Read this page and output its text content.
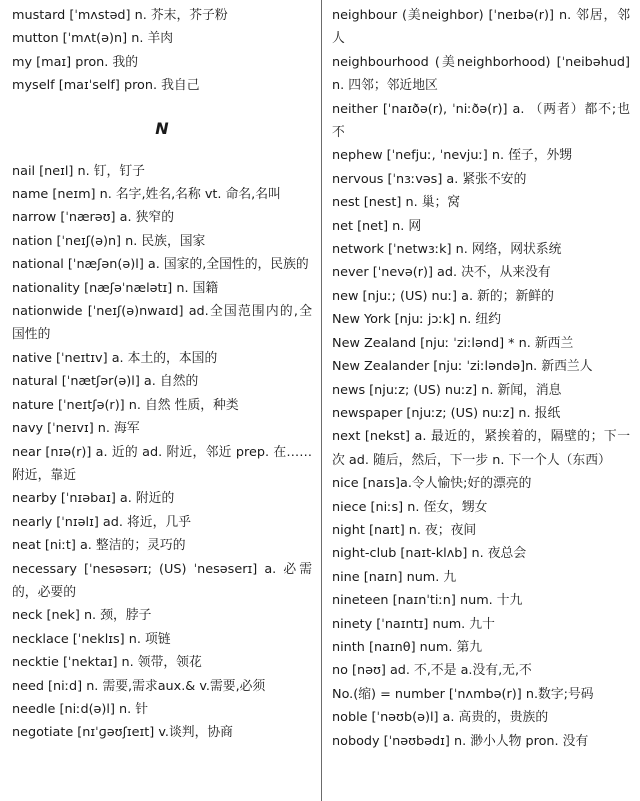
mustard [ˈmʌstəd] n. 芥末，芥子粉
mutton [ˈmʌt(ə)n] n. 羊肉
my [maɪ] pron. 我的
myself [maɪˈself] pron. 我自己
N
nail [neɪl] n. 钉，钉子
name [neɪm] n. 名字,姓名,名称 vt. 命名,名叫
narrow [ˈnærəʊ] a. 狭窄的
nation [ˈneɪʃ(ə)n] n. 民族，国家
national [ˈnæʃən(ə)l] a. 国家的,全国性的，民族的
nationality [næʃəˈnælətɪ] n. 国籍
nationwide [ˈneɪʃ(ə)nwaɪd] ad.全国范围内的,全国性的
native [ˈneɪtɪv] a. 本土的，本国的
natural [ˈnætʃər(ə)l] a. 自然的
nature [ˈneɪtʃə(r)] n. 自然 性质，种类
navy [ˈneɪvɪ] n. 海军
near [nɪə(r)] a. 近的 ad. 附近，邻近 prep. 在……附近，靠近
nearby [ˈnɪəbaɪ] a. 附近的
nearly [ˈnɪəlɪ] ad. 将近，几乎
neat [niːt] a. 整洁的；灵巧的
necessary [ˈnesəsərɪ; (US) ˈnesəserɪ] a. 必需的，必要的
neck [nek] n. 颈，脖子
necklace [ˈneklɪs] n. 项链
necktie [ˈnektaɪ] n. 领带，领花
need [niːd] n. 需要,需求aux.& v.需要,必须
needle [niːd(ə)l] n. 针
negotiate [nɪˈɡəʊʃɪeɪt] v.谈判，协商
neighbour (美neighbor) [ˈneɪbə(r)] n. 邻居，邻人
neighbourhood (美neighborhood) [ˈneibəhud] n. 四邻；邻近地区
neither [ˈnaɪðə(r), ˈniːðə(r)] a. （两者）都不;也不
nephew [ˈnefjuː, ˈnevjuː] n. 侄子，外甥
nervous [ˈnɜːvəs] a. 紧张不安的
nest [nest] n. 巢；窝
net [net] n. 网
network [ˈnetwɜːk] n. 网络，网状系统
never [ˈnevə(r)] ad. 决不，从来没有
new [njuː; (US) nuː] a. 新的；新鲜的
New York [njuː jɔːk] n. 纽约
New Zealand [njuː ˈziːlənd] * n. 新西兰
New Zealander [njuː ˈziːləndə]n. 新西兰人
news [njuːz; (US) nuːz] n. 新闻，消息
newspaper [njuːz; (US) nuːz] n. 报纸
next [nekst] a. 最近的，紧挨着的，隔壁的；下一次 ad. 随后，然后，下一步 n. 下一个人（东西）
nice [naɪs]a.令人愉快;好的漂亮的
niece [niːs] n. 侄女，甥女
night [naɪt] n. 夜；夜间
night-club [naɪt-klʌb] n. 夜总会
nine [naɪn] num. 九
nineteen [naɪnˈtiːn] num. 十九
ninety [ˈnaɪntɪ] num. 九十
ninth [naɪnθ] num. 第九
no [nəʊ] ad. 不,不是 a.没有,无,不
No.(缩) = number [ˈnʌmbə(r)] n.数字;号码
noble [ˈnəʊb(ə)l] a. 高贵的，贵族的
nobody [ˈnəʊbədɪ] n. 渺小人物 pron. 没有
